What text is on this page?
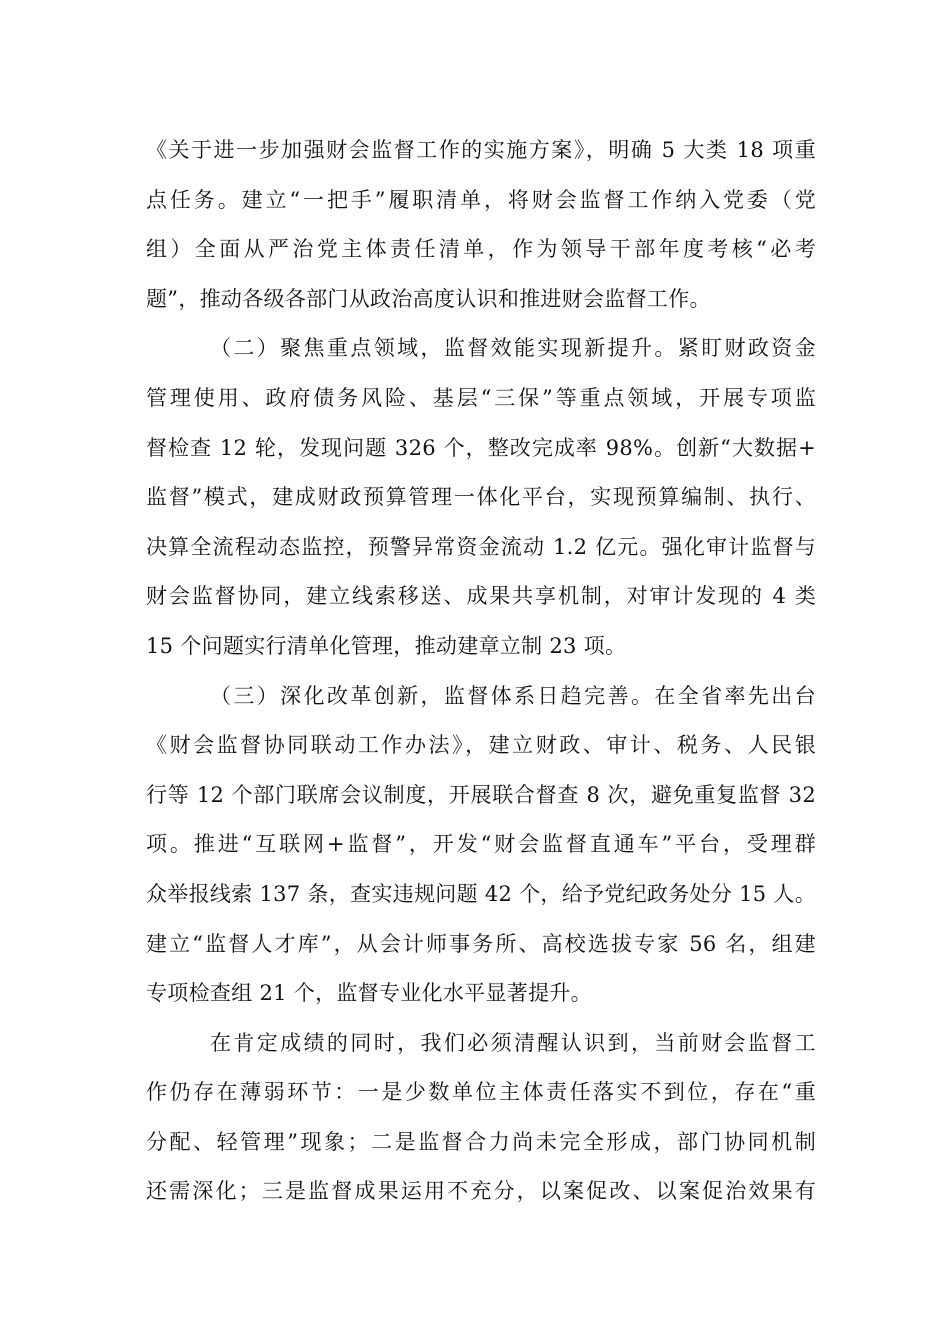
《关于进一步加强财会监督工作的实施方案》，明确 5 大类 18 项重
点任务。建立“一把手”履职清单，将财会监督工作纳入党委（党
组）全面从严治党主体责任清单，作为领导干部年度考核“必考
题”，推动各级各部门从政治高度认识和推进财会监督工作。
（二）聚焦重点领域，监督效能实现新提升。紧盯财政资金
管理使用、政府债务风险、基层“三保”等重点领域，开展专项监
督检查 12 轮，发现问题 326 个，整改完成率 98%。创新“大数据+
监督”模式，建成财政预算管理一体化平台，实现预算编制、执行、
决算全流程动态监控，预警异常资金流动 1.2 亿元。强化审计监督与
财会监督协同，建立线索移送、成果共享机制，对审计发现的 4 类
15 个问题实行清单化管理，推动建章立制 23 项。
（三）深化改革创新，监督体系日趋完善。在全省率先出台
《财会监督协同联动工作办法》，建立财政、审计、税务、人民银
行等 12 个部门联席会议制度，开展联合督查 8 次，避免重复监督 32
项。推进“互联网+监督”，开发“财会监督直通车”平台，受理群
众举报线索 137 条，查实违规问题 42 个，给予党纪政务处分 15 人。
建立“监督人才库”，从会计师事务所、高校选拔专家 56 名，组建
专项检查组 21 个，监督专业化水平显著提升。
在肯定成绩的同时，我们必须清醒认识到，当前财会监督工
作仍存在薄弱环节：一是少数单位主体责任落实不到位，存在“重
分配、轻管理”现象；二是监督合力尚未完全形成，部门协同机制
还需深化；三是监督成果运用不充分，以案促改、以案促治效果有
